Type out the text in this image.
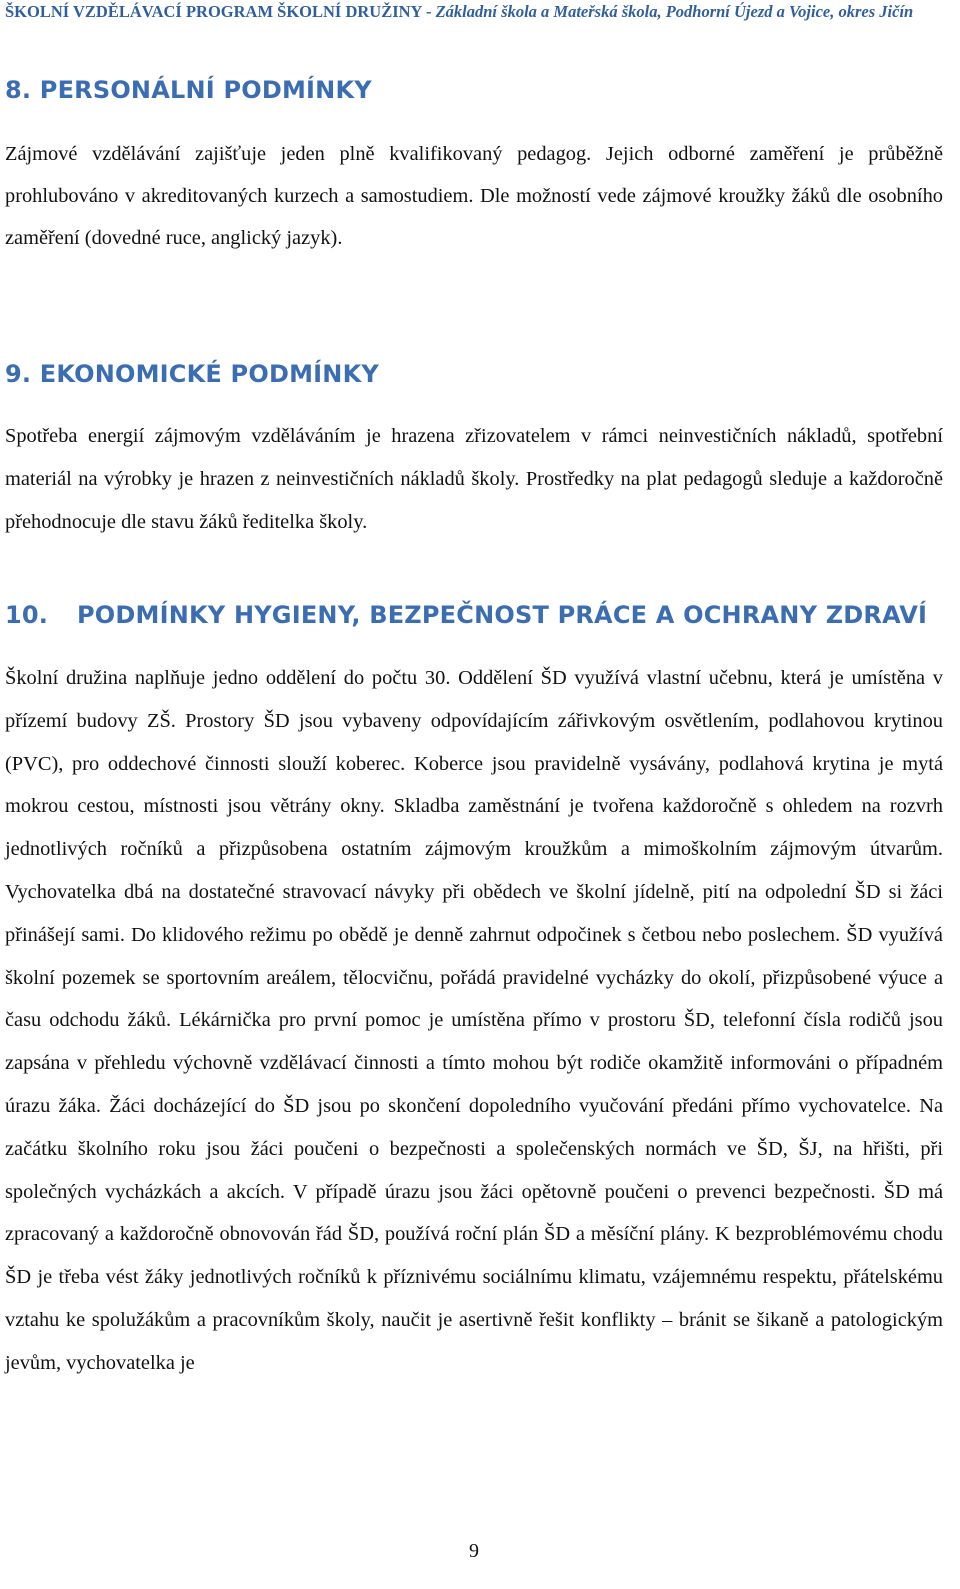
ŠKOLNÍ VZDĚLÁVACÍ PROGRAM ŠKOLNÍ DRUŽINY - Základní škola a Mateřská škola, Podhorní Újezd a Vojice, okres Jičín
8. PERSONÁLNÍ PODMÍNKY

Zájmové vzdělávání zajišťuje jeden plně kvalifikovaný pedagog. Jejich odborné zaměření je průběžně prohlubováno v akreditovaných kurzech a samostudiem. Dle možností vede zájmové kroužky žáků dle osobního zaměření (dovedné ruce, anglický jazyk).

9. EKONOMICKÉ PODMÍNKY

Spotřeba energií zájmovým vzděláváním je hrazena zřizovatelem v rámci neinvestičních nákladů, spotřební materiál na výrobky je hrazen z neinvestičních nákladů školy. Prostředky na plat pedagogů sleduje a každoročně přehodnocuje dle stavu žáků ředitelka školy.

10. PODMÍNKY HYGIENY, BEZPEČNOST PRÁCE A OCHRANY ZDRAVÍ

Školní družina naplňuje jedno oddělení do počtu 30. Oddělení ŠD využívá vlastní učebnu, která je umístěna v přízemí budovy ZŠ. Prostory ŠD jsou vybaveny odpovídajícím zářivkovým osvětlením, podlahovou krytinou (PVC), pro oddechové činnosti slouží koberec. Koberce jsou pravidelně vysávány, podlahová krytina je mytá mokrou cestou, místnosti jsou větrány okny. Skladba zaměstnání je tvořena každoročně s ohledem na rozvrh jednotlivých ročníků a přizpůsobena ostatním zájmovým kroužkům a mimoškolním zájmovým útvarům. Vychovatelka dbá na dostatečné stravovací návyky při obědech ve školní jídelně, pití na odpolední ŠD si žáci přinášejí sami. Do klidového režimu po obědě je denně zahrnut odpočinek s četbou nebo poslechem. ŠD využívá školní pozemek se sportovním areálem, tělocvičnu, pořádá pravidelné vycházky do okolí, přizpůsobené výuce a času odchodu žáků. Lékárnička pro první pomoc je umístěna přímo v prostoru ŠD, telefonní čísla rodičů jsou zapsána v přehledu výchovně vzdělávací činnosti a tímto mohou být rodiče okamžitě informováni o případném úrazu žáka. Žáci docházející do ŠD jsou po skončení dopoledního vyučování předáni přímo vychovatelce. Na začátku školního roku jsou žáci poučeni o bezpečnosti a společenských normách ve ŠD, ŠJ, na hřišti, při společných vycházkách a akcích. V případě úrazu jsou žáci opětovně poučeni o prevenci bezpečnosti. ŠD má zpracovaný a každoročně obnovován řád ŠD, používá roční plán ŠD a měsíční plány. K bezproblémovému chodu ŠD je třeba vést žáky jednotlivých ročníků k příznivému sociálnímu klimatu, vzájemnému respektu, přátelskému vztahu ke spolužákům a pracovníkům školy, naučit je asertivně řešit konflikty – bránit se šikaně a patologickým jevům, vychovatelka je

9
